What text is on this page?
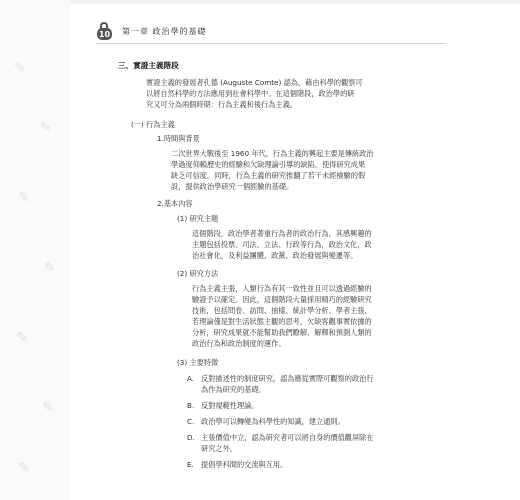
✎
✎
✎
✎
✎
✎
✎
10 第一章 政治學的基礎
三、實證主義階段
實證主義的發展者孔德 (Auguste Comte) 認為，藉由科學的觀察可
以將自然科學的方法應用到社會科學中。在這個階段，政治學的研
究又可分為兩個時期：行為主義和後行為主義。
(一) 行為主義
1.時間與背景
二次世界大戰後至 1960 年代，行為主義的興起主要是傳統政治
學過度仰賴歷史的經驗和欠缺理論引導的缺陷，使得研究成果
缺乏可信度。同時，行為主義的研究推翻了若干未經檢驗的假
設，提供政治學研究一個經驗的基礎。
2.基本內容
(1) 研究主題
這個階段，政治學者著重行為者的政治行為，其感興趣的
主題包括投票、司法、立法、行政等行為，政治文化，政
治社會化，及利益團體、政黨、政治發展與變遷等。
(2) 研究方法
行為主義主張，人類行為有其一致性並且可以透過經驗的
驗證予以確定。因此，這個階段大量採用精巧的經驗研究
技術，包括問卷、訪問、抽樣、統計學分析。學者主張，
若理論僅是對生活狀態主觀的思考，欠缺客觀事實依據的
分析，研究成果就不能幫助我們瞭解、解釋和預測人類的
政治行為和政治制度的運作。
(3) 主要特徵
A. 反對描述性的制度研究，認為應從實際可觀察的政治行
為作為研究的基礎。
B. 反對規範性理論。
C. 政治學可以轉變為科學性的知識，建立通則。
D. 主張價值中立，認為研究者可以將自身的價值觀屏除在
研究之外。
E. 提倡學科間的交流與互用。
